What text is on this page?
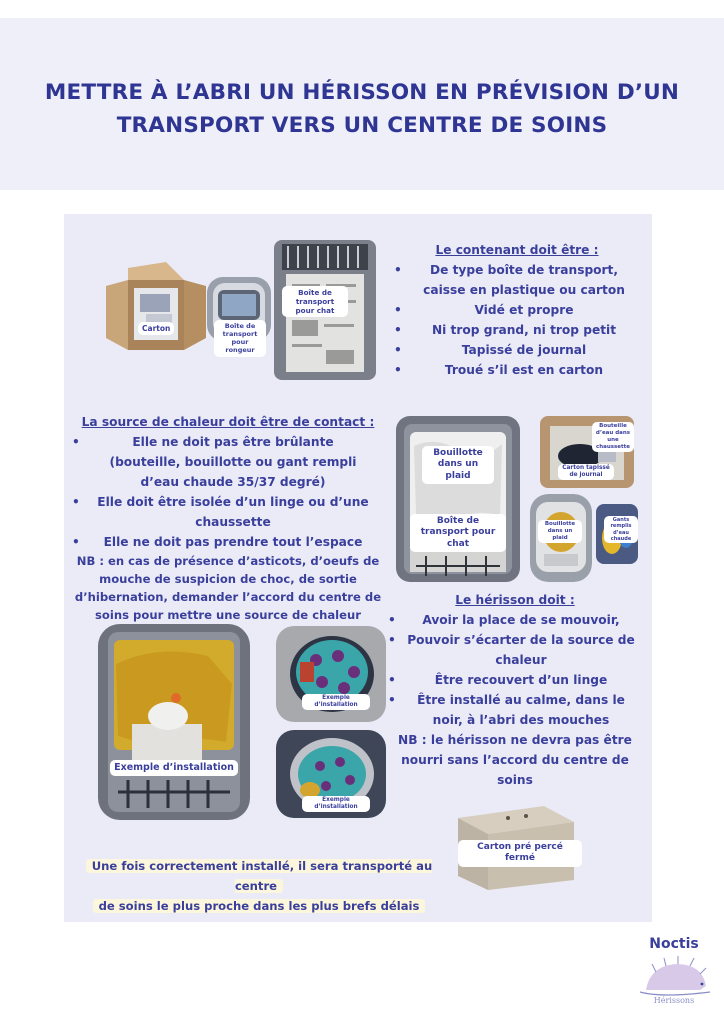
METTRE À L’ABRI UN HÉRISSON EN PRÉVISION D’UN
TRANSPORT VERS UN CENTRE DE SOINS
Carton	Boîte de transport pour rongeur
Boîte de transport pour chat
Le contenant doit être :
• De type boîte de transport, caisse en plastique ou carton
• Vidé et propre
• Ni trop grand, ni trop petit
• Tapissé de journal
• Troué s’il est en carton
La source de chaleur doit être de contact :
• Elle ne doit pas être brûlante (bouteille, bouillotte ou gant rempli d’eau chaude 35/37 degré)
• Elle doit être isolée d’un linge ou d’une chaussette
• Elle ne doit pas prendre tout l’espace
NB : en cas de présence d’asticots, d’oeufs de mouche de suspicion de choc, de sortie d’hibernation, demander l’accord du centre de soins pour mettre une source de chaleur
Bouillotte dans un plaid
Boîte de transport pour chat
Bouteille d’eau dans une chaussette
Carton tapissé de journal
Bouillotte dans un plaid
Gants remplis d’eau chaude
Le hérisson doit :
• Avoir la place de se mouvoir,
• Pouvoir s’écarter de la source de chaleur
• Être recouvert d’un linge
• Être installé au calme, dans le noir, à l’abri des mouches
NB : le hérisson ne devra pas être nourri sans l’accord du centre de soins
Exemple d’installation
Exemple d’installation
Exemple d’installation
Carton pré percé fermé
Une fois correctement installé, il sera transporté au centre
de soins le plus proche dans les plus brefs délais
Noctis
Hérissons
